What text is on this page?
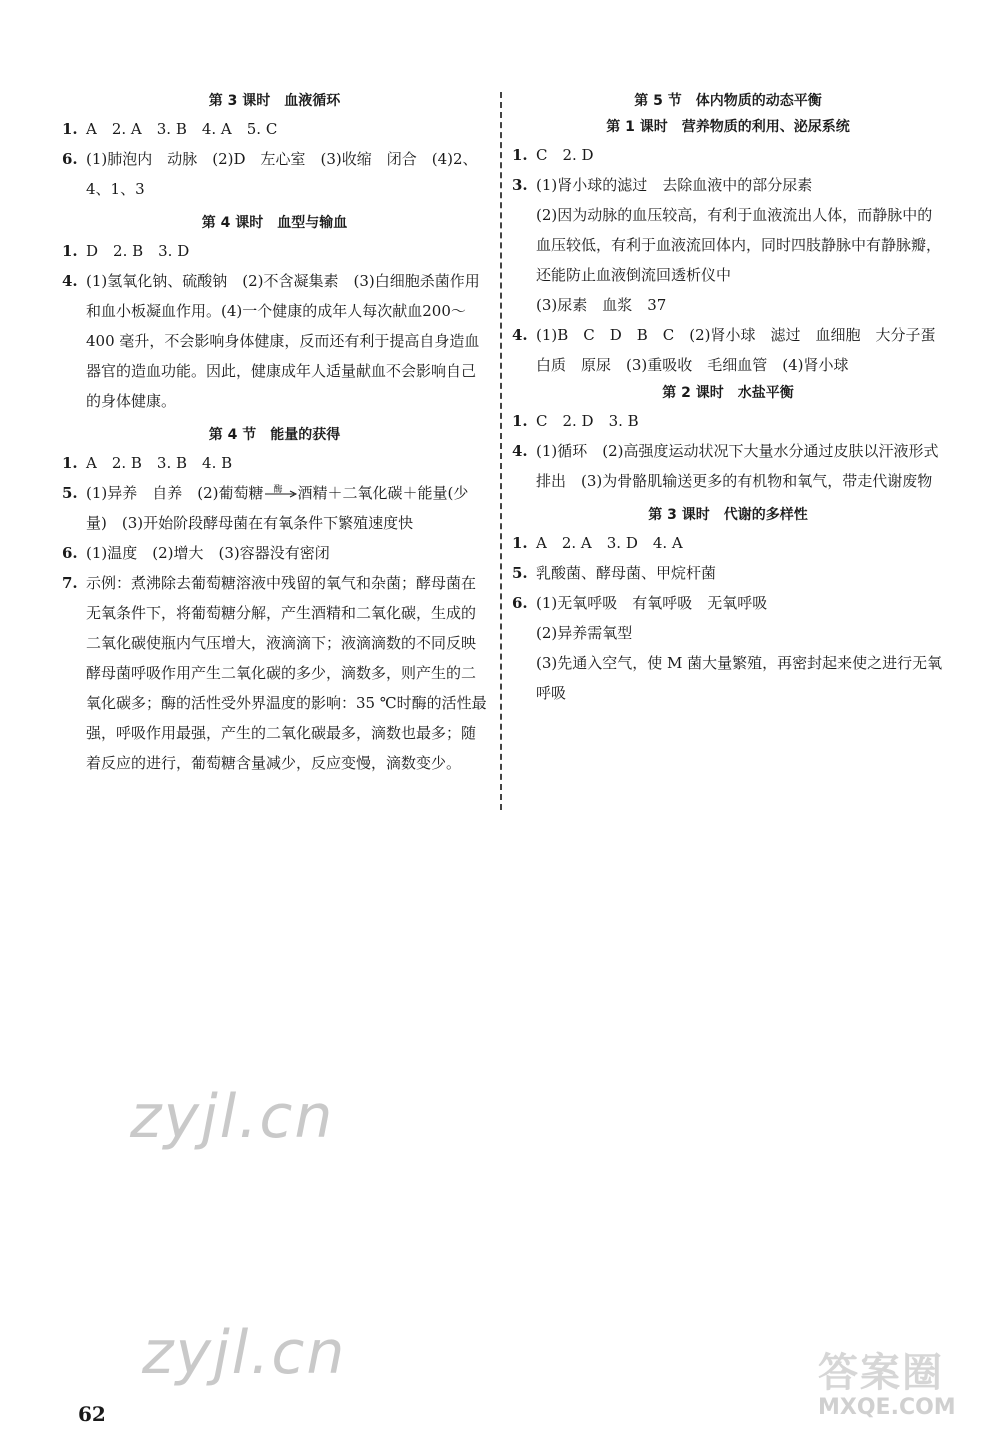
第 3 课时　血液循环

1. A　2. A　3. B　4. A　5. C
6. (1)肺泡内　动脉　(2)D　左心室　(3)收缩　闭合　(4)2、4、1、3

第 4 课时　血型与输血

1. D　2. B　3. D
4. (1)氢氧化钠、硫酸钠　(2)不含凝集素　(3)白细胞杀菌作用和血小板凝血作用。(4)一个健康的成年人每次献血200～400 毫升，不会影响身体健康，反而还有利于提高自身造血器官的造血功能。因此，健康成年人适量献血不会影响自己的身体健康。

第 4 节　能量的获得

1. A　2. B　3. B　4. B
5. (1)异养　自养　(2)葡萄糖 酶 酒精＋二氧化碳＋能量(少量)　(3)开始阶段酵母菌在有氧条件下繁殖速度快
6. (1)温度　(2)增大　(3)容器没有密闭
7. 示例：煮沸除去葡萄糖溶液中残留的氧气和杂菌；酵母菌在无氧条件下，将葡萄糖分解，产生酒精和二氧化碳，生成的二氧化碳使瓶内气压增大，液滴滴下；液滴滴数的不同反映酵母菌呼吸作用产生二氧化碳的多少，滴数多，则产生的二氧化碳多；酶的活性受外界温度的影响：35 ℃时酶的活性最强，呼吸作用最强，产生的二氧化碳最多，滴数也最多；随着反应的进行，葡萄糖含量减少，反应变慢，滴数变少。

第 5 节　体内物质的动态平衡

第 1 课时　营养物质的利用、泌尿系统

1. C　2. D
3. (1)肾小球的滤过　去除血液中的部分尿素
(2)因为动脉的血压较高，有利于血液流出人体，而静脉中的血压较低，有利于血液流回体内，同时四肢静脉中有静脉瓣，还能防止血液倒流回透析仪中
(3)尿素　血浆　37
4. (1)B　C　D　B　C　(2)肾小球　滤过　血细胞　大分子蛋白质　原尿　(3)重吸收　毛细血管　(4)肾小球

第 2 课时　水盐平衡

1. C　2. D　3. B
4. (1)循环　(2)高强度运动状况下大量水分通过皮肤以汗液形式排出　(3)为骨骼肌输送更多的有机物和氧气，带走代谢废物

第 3 课时　代谢的多样性

1. A　2. A　3. D　4. A
5. 乳酸菌、酵母菌、甲烷杆菌
6. (1)无氧呼吸　有氧呼吸　无氧呼吸
(2)异养需氧型
(3)先通入空气，使 M 菌大量繁殖，再密封起来使之进行无氧呼吸
zyjl.cn
zyjl.cn	答案圈
MXQE.COM
62
